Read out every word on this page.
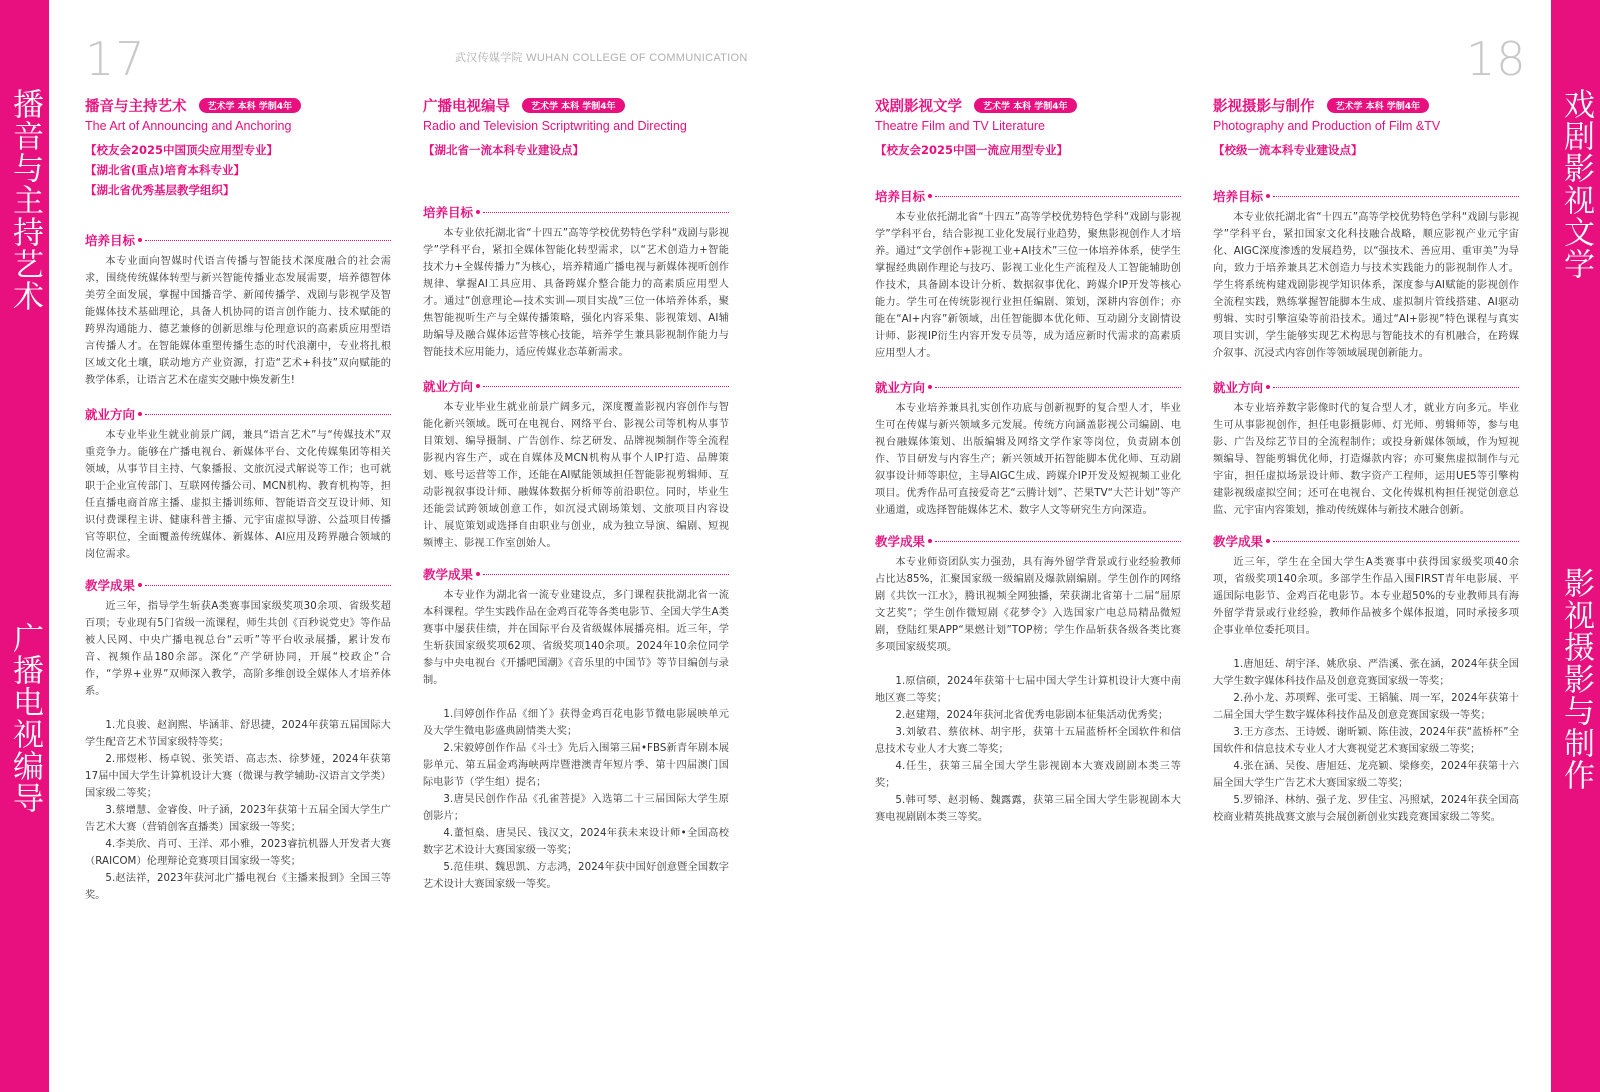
播音与主持艺术
广播电视编导
戏剧影视文学
影视摄影与制作
17	武汉传媒学院 WUHAN COLLEGE OF COMMUNICATION	18
播音与主持艺术	艺术学 本科 学制4年
The Art of Announcing and Anchoring
【校友会2025中国顶尖应用型专业】
【湖北省(重点)培育本科专业】
【湖北省优秀基层教学组织】
培养目标
本专业面向智媒时代语言传播与智能技术深度融合的社会需求，围绕传统媒体转型与新兴智能传播业态发展需要，培养德智体美劳全面发展，掌握中国播音学、新闻传播学、戏剧与影视学及智能媒体技术基础理论，具备人机协同的语言创作能力、技术赋能的跨界沟通能力、德艺兼修的创新思维与伦理意识的高素质应用型语言传播人才。在智能媒体重塑传播生态的时代浪潮中，专业将扎根区域文化土壤，联动地方产业资源，打造“艺术+科技”双向赋能的教学体系，让语言艺术在虚实交融中焕发新生!
就业方向
本专业毕业生就业前景广阔，兼具“语言艺术”与“传媒技术”双重竞争力。能够在广播电视台、新媒体平台、文化传媒集团等相关领域，从事节目主持、气象播报、文旅沉浸式解说等工作；也可就职于企业宣传部门、互联网传播公司、MCN机构、教育机构等，担任直播电商首席主播、虚拟主播训练师、智能语音交互设计师、知识付费课程主讲、健康科普主播、元宇宙虚拟导游、公益项目传播官等职位，全面覆盖传统媒体、新媒体、AI应用及跨界融合领域的岗位需求。
教学成果
近三年，指导学生斩获A类赛事国家级奖项30余项、省级奖超百项；专业现有5门省级一流课程，师生共创《百秒说党史》等作品被人民网、中央广播电视总台“云听”等平台收录展播，累计发布音、视频作品180余部。深化“产学研协同，开展“校政企”合作，“学界+业界”双师深入教学，高阶多维创设全媒体人才培养体系。

1.尤良骏、赵润熙、毕涵菲、舒思捷，2024年获第五届国际大学生配音艺术节国家级特等奖；

2.邢煜彬、杨卓锐、张笑语、高志杰、徐梦娅，2024年获第17届中国大学生计算机设计大赛（微课与教学辅助-汉语言文学类）国家级二等奖；

3.蔡增慧、金睿俊、叶子涵，2023年获第十五届全国大学生广告艺术大赛（营销创客直播类）国家级一等奖；

4.李美欣、肖可、王洋、邓小雅，2023睿抗机器人开发者大赛（RAICOM）伦理辩论竞赛项目国家级一等奖；

5.赵法祥，2023年获河北广播电视台《主播来报到》全国三等奖。

广播电视编导	艺术学 本科 学制4年
Radio and Television Scriptwriting and Directing
【湖北省一流本科专业建设点】
培养目标
本专业依托湖北省“十四五”高等学校优势特色学科“戏剧与影视学”学科平台，紧扣全媒体智能化转型需求，以“艺术创造力+智能技术力+全媒传播力”为核心，培养精通广播电视与新媒体视听创作规律、掌握AI工具应用、具备跨媒介整合能力的高素质应用型人才。通过“创意理论—技术实训—项目实战”三位一体培养体系，聚焦智能视听生产与全媒传播策略，强化内容采集、影视策划、AI辅助编导及融合媒体运营等核心技能，培养学生兼具影视制作能力与智能技术应用能力，适应传媒业态革新需求。
就业方向
本专业毕业生就业前景广阔多元，深度覆盖影视内容创作与智能化新兴领域。既可在电视台、网络平台、影视公司等机构从事节目策划、编导摄制、广告创作、综艺研发、品牌视频制作等全流程影视内容生产，或在自媒体及MCN机构从事个人IP打造、品牌策划、账号运营等工作，还能在AI赋能领域担任智能影视剪辑师、互动影视叙事设计师、融媒体数据分析师等前沿职位。同时，毕业生还能尝试跨领域创意工作，如沉浸式剧场策划、文旅项目内容设计、展览策划或选择自由职业与创业，成为独立导演、编剧、短视频博主、影视工作室创始人。
教学成果
本专业作为湖北省一流专业建设点，多门课程获批湖北省一流本科课程。学生实践作品在金鸡百花等各类电影节、全国大学生A类赛事中屡获佳绩，并在国际平台及省级媒体展播亮相。近三年，学生斩获国家级奖项62项、省级奖项140余项。2024年10余位同学参与中央电视台《开播吧国潮》《音乐里的中国节》等节目编创与录制。

1.闫婷创作作品《细丫》获得金鸡百花电影节微电影展映单元及大学生微电影盛典剧情类大奖；

2.宋毅婷创作作品《斗士》先后入围第三届•FBS新青年剧本展影单元、第五届金鸡海峡两岸暨港澳青年短片季、第十四届澳门国际电影节（学生组）提名；

3.唐昊民创作作品《孔雀菩提》入选第二十三届国际大学生原创影片；

4.董恒燊、唐昊民、钱汉文，2024年获未来设计师•全国高校数字艺术设计大赛国家级一等奖；

5.范佳琪、魏思凯、方志鸿，2024年获中国好创意暨全国数字艺术设计大赛国家级一等奖。

戏剧影视文学	艺术学 本科 学制4年
Theatre Film and TV Literature
【校友会2025中国一流应用型专业】
培养目标
本专业依托湖北省“十四五”高等学校优势特色学科“戏剧与影视学”学科平台，结合影视工业化发展行业趋势，聚焦影视创作人才培养。通过“文学创作+影视工业+AI技术”三位一体培养体系，使学生掌握经典剧作理论与技巧、影视工业化生产流程及人工智能辅助创作技术，具备剧本设计分析、数据叙事优化、跨媒介IP开发等核心能力。学生可在传统影视行业担任编剧、策划，深耕内容创作；亦能在“AI+内容”新领域，出任智能脚本优化师、互动剧分支剧情设计师、影视IP衍生内容开发专员等，成为适应新时代需求的高素质应用型人才。
就业方向
本专业培养兼具扎实创作功底与创新视野的复合型人才，毕业生可在传媒与新兴领域多元发展。传统方向涵盖影视公司编剧、电视台融媒体策划、出版编辑及网络文学作家等岗位，负责剧本创作、节目研发与内容生产；新兴领域开拓智能脚本优化师、互动剧叙事设计师等职位，主导AIGC生成、跨媒介IP开发及短视频工业化项目。优秀作品可直接爱奇艺“云腾计划”、芒果TV“大芒计划”等产业通道，或选择智能媒体艺术、数字人文等研究生方向深造。
教学成果
本专业师资团队实力强劲，具有海外留学背景或行业经验教师占比达85%，汇聚国家级一级编剧及爆款剧编剧。学生创作的网络剧《共饮一江水》，腾讯视频全网独播，荣获湖北省第十二届“屈原文艺奖”；学生创作微短剧《花梦令》入选国家广电总局精品微短剧，登陆红果APP“果燃计划”TOP榜；学生作品斩获各级各类比赛多项国家级奖项。

1.原信硕，2024年获第十七届中国大学生计算机设计大赛中南地区赛二等奖；

2.赵建翔，2024年获河北省优秀电影剧本征集活动优秀奖；

3.刘敏君、蔡依林、胡宇彤，获第十五届蓝桥杯全国软件和信息技术专业人才大赛二等奖；

4.任生，获第三届全国大学生影视剧本大赛戏剧剧本类三等奖；

5.韩可琴、赵羽畅、魏露露，获第三届全国大学生影视剧本大赛电视剧剧本类三等奖。

影视摄影与制作	艺术学 本科 学制4年
Photography and Production of Film &TV
【校级一流本科专业建设点】
培养目标
本专业依托湖北省“十四五”高等学校优势特色学科“戏剧与影视学”学科平台，紧扣国家文化科技融合战略，顺应影视产业元宇宙化、AIGC深度渗透的发展趋势，以“强技术、善应用、重审美”为导向，致力于培养兼具艺术创造力与技术实践能力的影视制作人才。学生将系统构建戏剧影视学知识体系，深度参与AI赋能的影视创作全流程实践，熟练掌握智能脚本生成、虚拟制片管线搭建、AI驱动剪辑、实时引擎渲染等前沿技术。通过“AI+影视”特色课程与真实项目实训，学生能够实现艺术构思与智能技术的有机融合，在跨媒介叙事、沉浸式内容创作等领域展现创新能力。
就业方向
本专业培养数字影像时代的复合型人才，就业方向多元。毕业生可从事影视创作，担任电影摄影师、灯光师、剪辑师等，参与电影、广告及综艺节目的全流程制作；或投身新媒体领域，作为短视频编导、智能剪辑优化师，打造爆款内容；亦可聚焦虚拟制作与元宇宙，担任虚拟场景设计师、数字资产工程师，运用UE5等引擎构建影视级虚拟空间；还可在电视台、文化传媒机构担任视觉创意总监、元宇宙内容策划，推动传统媒体与新技术融合创新。
教学成果
近三年，学生在全国大学生A类赛事中获得国家级奖项40余项，省级奖项140余项。多部学生作品入围FIRST青年电影展、平遥国际电影节、金鸡百花电影节。本专业超50%的专业教师具有海外留学背景或行业经验，教师作品被多个媒体报道，同时承接多项企事业单位委托项目。

1.唐旭廷、胡宇泽、姚欣泉、严浩溪、张在涵，2024年获全国大学生数字媒体科技作品及创意竞赛国家级一等奖；

2.孙小龙、苏项辉、张可雯、王韬毓、周一军，2024年获第十二届全国大学生数字媒体科技作品及创意竞赛国家级一等奖；

3.王方彦杰、王诗媛、谢昕颖、陈佳波，2024年获“蓝桥杯”全国软件和信息技术专业人才大赛视觉艺术赛国家级二等奖；

4.张在涵、吴俊、唐旭廷、龙亮颖、梁修奕，2024年获第十六届全国大学生广告艺术大赛国家级二等奖；

5.罗锦泽、林纳、强子龙、罗佳宝、冯照斌，2024年获全国高校商业精英挑战赛文旅与会展创新创业实践竞赛国家级二等奖。
